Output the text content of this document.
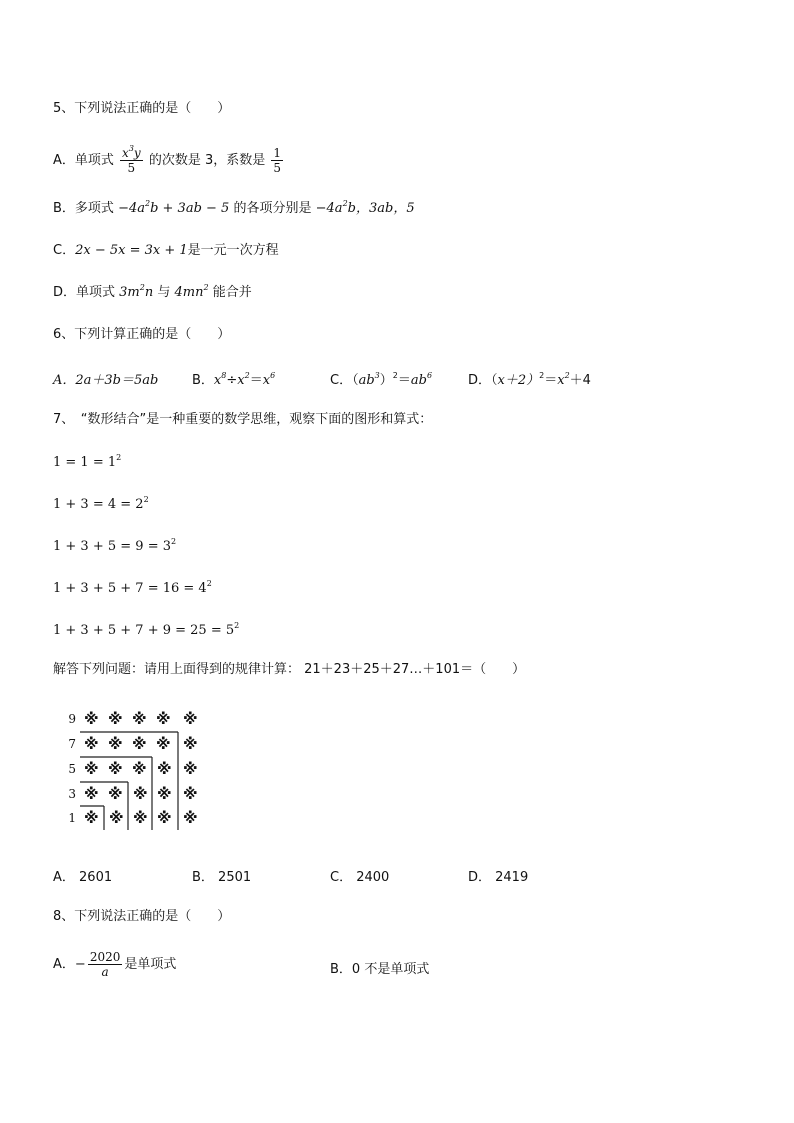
5、下列说法正确的是（　　）
A．单项式 $\frac{x^3y}{5}$ 的次数是 3，系数是 $\frac{1}{5}$
B．多项式 $-4a^2b + 3ab - 5$ 的各项分别是 $-4a^2b$，3ab，5
C．2x − 5x = 3x + 1是一元一次方程
D．单项式 $3m^2n$ 与 $4mn^2$ 能合并
6、下列计算正确的是（　　）
A．2a＋3b＝5ab	B．$x^8\div x^2=x^6$	C．$(ab^3)^2=ab^6$	D．$(x+2)^2=x^2+4$
7、　“数形结合”是一种重要的数学思维，观察下面的图形和算式：
$1 = 1 = 1^2$
$1 + 3 = 4 = 2^2$
$1 + 3 + 5 = 9 = 3^2$
$1 + 3 + 5 + 7 = 16 = 4^2$
$1 + 3 + 5 + 7 + 9 = 25 = 5^2$
解答下列问题：请用上面得到的规律计算： 21＋23＋25＋27…＋101＝（　　）
9
7
5
3
1
※ ※ ※ ※ ※
※ ※ ※ ※ ※
※ ※ ※ ※ ※
※ ※ ※ ※ ※
※ ※ ※ ※ ※
A． 2601	B． 2501	C． 2400	D． 2419
8、下列说法正确的是（　　）
A．− $\frac{2020}{a}$ 是单项式	B．0 不是单项式
